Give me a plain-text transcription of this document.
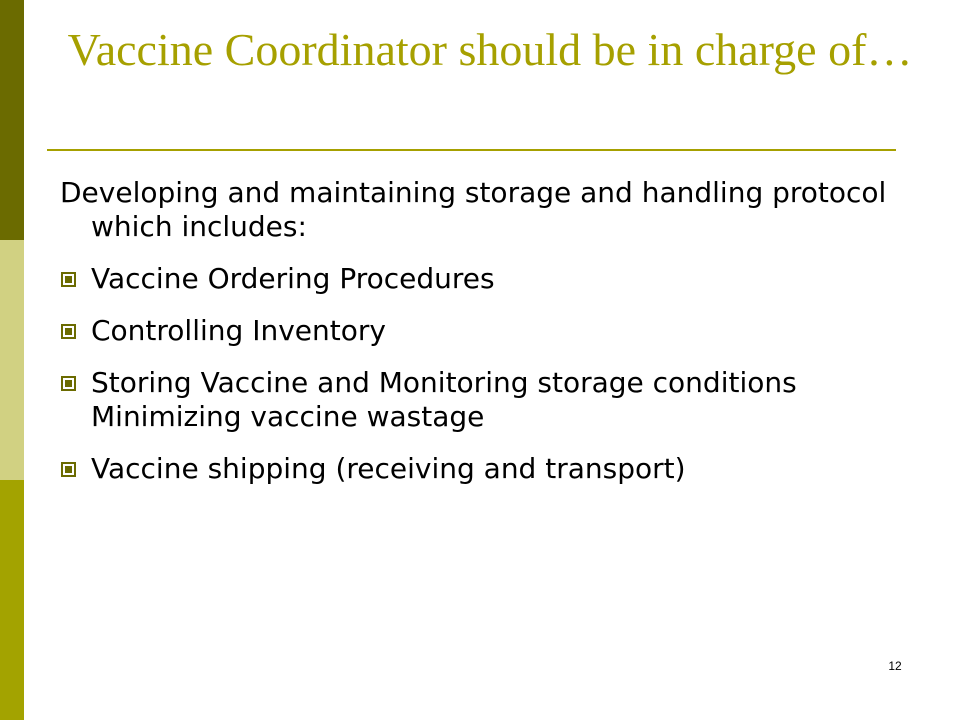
Vaccine Coordinator should be in charge of…

Developing and maintaining storage and handling protocol which includes:

Vaccine Ordering Procedures
Controlling Inventory
Storing Vaccine and Monitoring storage conditions Minimizing vaccine wastage
Vaccine shipping (receiving and transport)
12
